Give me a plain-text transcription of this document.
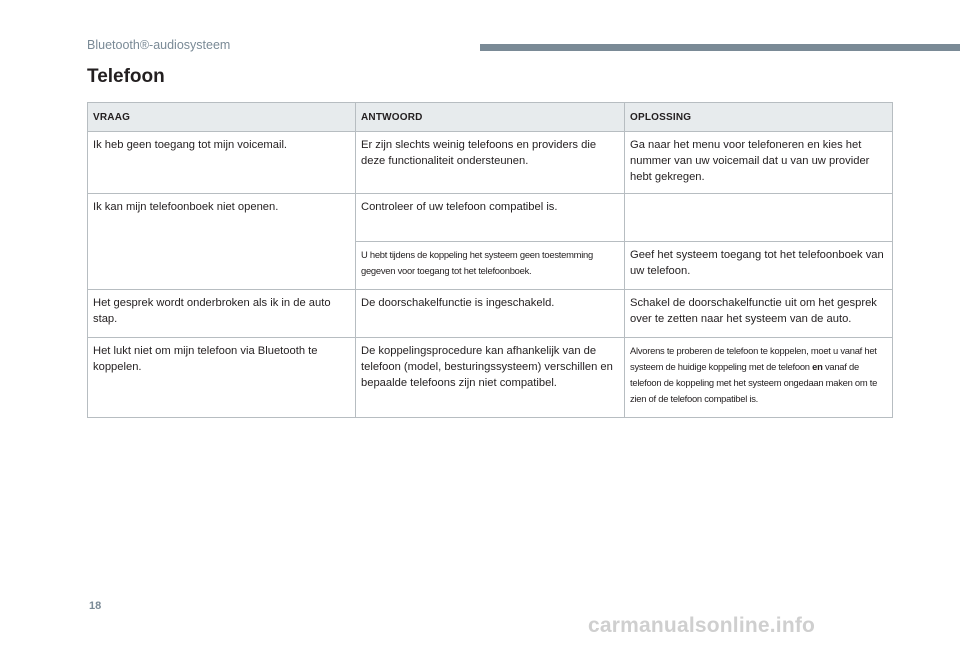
Bluetooth®-audiosysteem
Telefoon
VRAAG	ANTWOORD	OPLOSSING
Ik heb geen toegang tot mijn voicemail.	Er zijn slechts weinig telefoons en providers die deze functionaliteit ondersteunen.	Ga naar het menu voor telefoneren en kies het nummer van uw voicemail dat u van uw provider hebt gekregen.
Ik kan mijn telefoonboek niet openen.	Controleer of uw telefoon compatibel is.	

	U hebt tijdens de koppeling het systeem geen toestemming gegeven voor toegang tot het telefoonboek.	Geef het systeem toegang tot het telefoonboek van uw telefoon.
Het gesprek wordt onderbroken als ik in de auto stap.	De doorschakelfunctie is ingeschakeld.	Schakel de doorschakelfunctie uit om het gesprek over te zetten naar het systeem van de auto.
Het lukt niet om mijn telefoon via Bluetooth te koppelen.	De koppelingsprocedure kan afhankelijk van de telefoon (model, besturingssysteem) verschillen en bepaalde telefoons zijn niet compatibel.	Alvorens te proberen de telefoon te koppelen, moet u vanaf het systeem de huidige koppeling met de telefoon en vanaf de telefoon de koppeling met het systeem ongedaan maken om te zien of de telefoon compatibel is.
18
carmanualsonline.info
